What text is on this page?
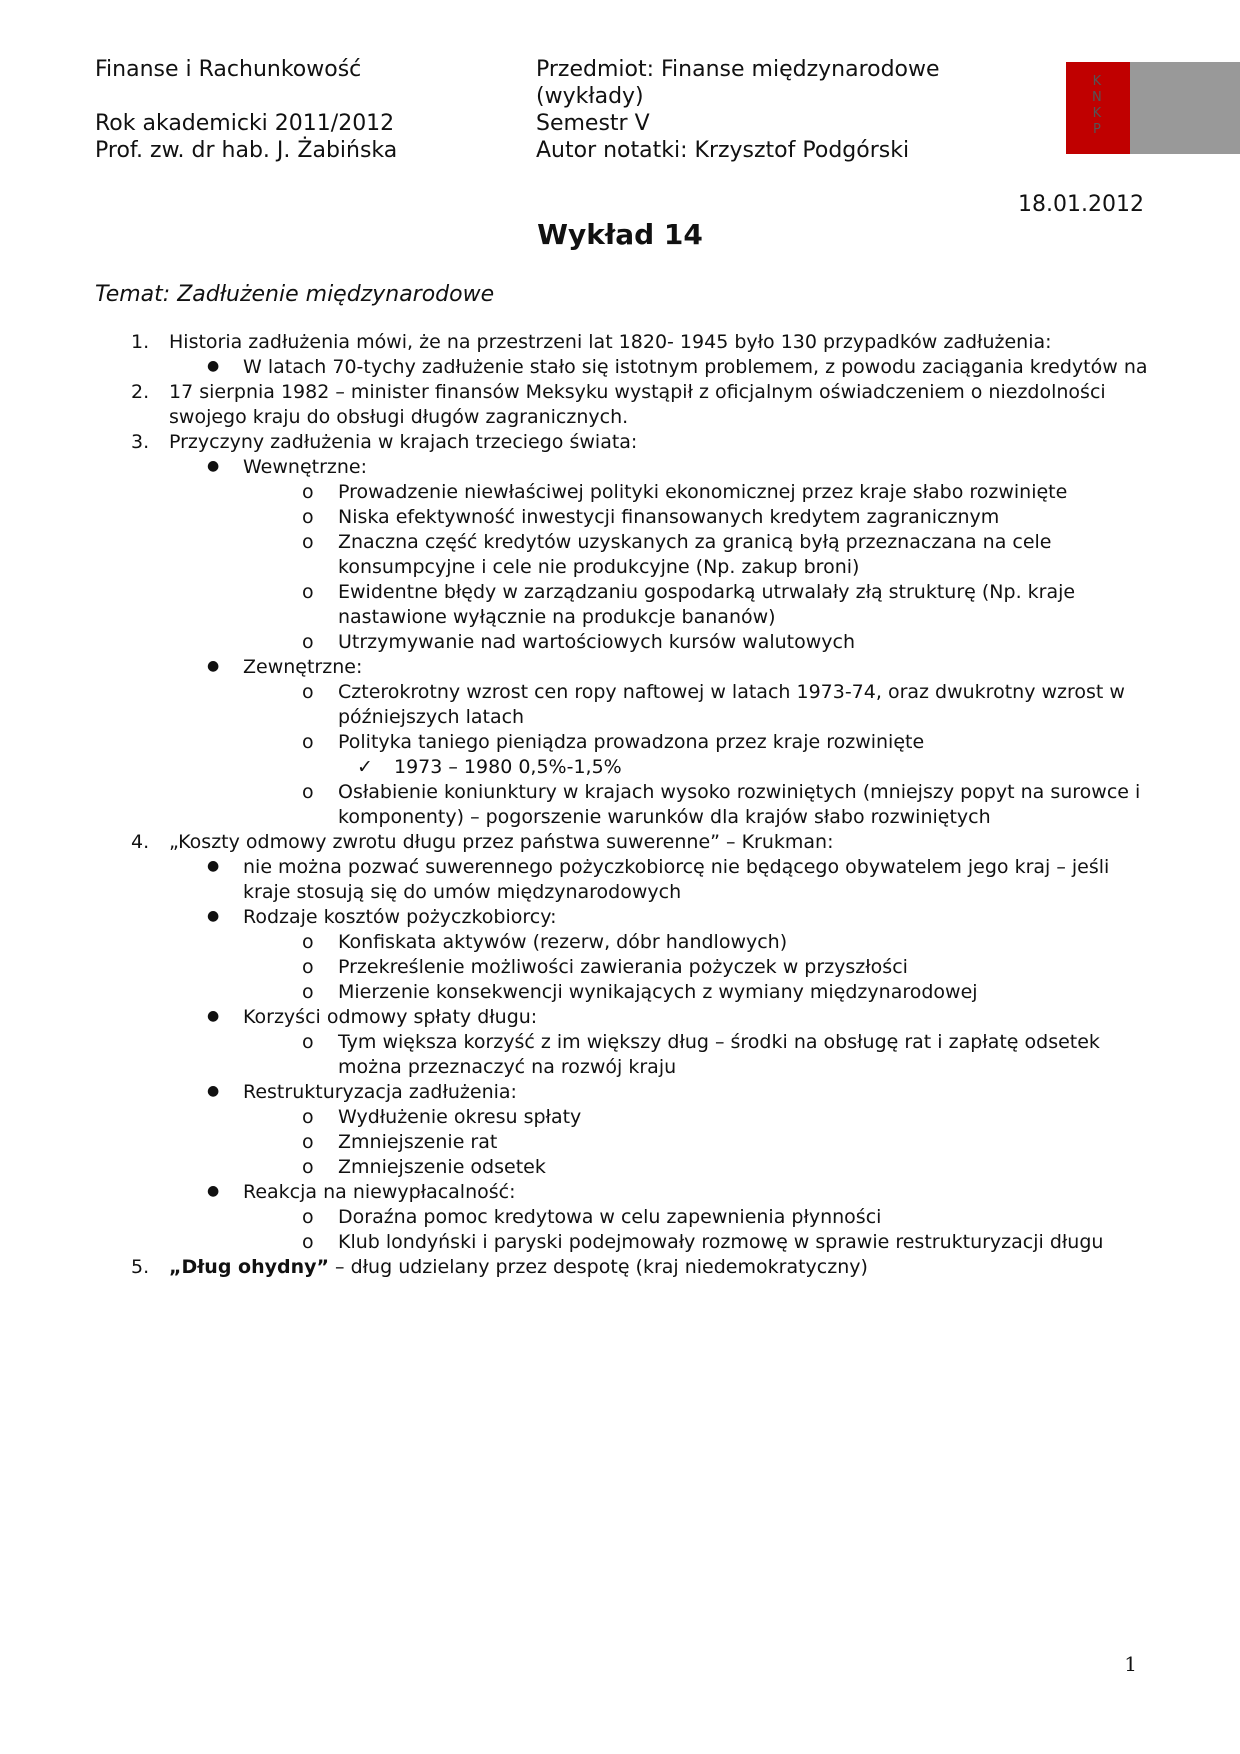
Finanse i Rachunkowość
Rok akademicki 2011/2012
Prof. zw. dr hab. J. Żabińska
Przedmiot: Finanse międzynarodowe
(wykłady)
Semestr V
Autor notatki: Krzysztof Podgórski
K
N
K
P
18.01.2012
Wykład 14
Temat: Zadłużenie międzynarodowe
1. Historia zadłużenia mówi, że na przestrzeni lat 1820- 1945 było 130 przypadków zadłużenia:
● W latach 70-tychy zadłużenie stało się istotnym problemem, z powodu zaciągania kredytów na
2. 17 sierpnia 1982 – minister finansów Meksyku wystąpił z oficjalnym oświadczeniem o niezdolności swojego kraju do obsługi długów zagranicznych.
3. Przyczyny zadłużenia w krajach trzeciego świata:
● Wewnętrzne:
o Prowadzenie niewłaściwej polityki ekonomicznej przez kraje słabo rozwinięte
o Niska efektywność inwestycji finansowanych kredytem zagranicznym
o Znaczna część kredytów uzyskanych za granicą byłą przeznaczana na cele konsumpcyjne i cele nie produkcyjne (Np. zakup broni)
o Ewidentne błędy w zarządzaniu gospodarką utrwalały złą strukturę (Np. kraje nastawione wyłącznie na produkcje bananów)
o Utrzymywanie nad wartościowych kursów walutowych
● Zewnętrzne:
o Czterokrotny wzrost cen ropy naftowej w latach 1973-74, oraz dwukrotny wzrost w późniejszych latach
o Polityka taniego pieniądza prowadzona przez kraje rozwinięte
✓ 1973 – 1980 0,5%-1,5%
o Osłabienie koniunktury w krajach wysoko rozwiniętych (mniejszy popyt na surowce i komponenty) – pogorszenie warunków dla krajów słabo rozwiniętych
4. „Koszty odmowy zwrotu długu przez państwa suwerenne” – Krukman:
● nie można pozwać suwerennego pożyczkobiorcę nie będącego obywatelem jego kraj – jeśli kraje stosują się do umów międzynarodowych
● Rodzaje kosztów pożyczkobiorcy:
o Konfiskata aktywów (rezerw, dóbr handlowych)
o Przekreślenie możliwości zawierania pożyczek w przyszłości
o Mierzenie konsekwencji wynikających z wymiany międzynarodowej
● Korzyści odmowy spłaty długu:
o Tym większa korzyść z im większy dług – środki na obsługę rat i zapłatę odsetek można przeznaczyć na rozwój kraju
● Restrukturyzacja zadłużenia:
o Wydłużenie okresu spłaty
o Zmniejszenie rat
o Zmniejszenie odsetek
● Reakcja na niewypłacalność:
o Doraźna pomoc kredytowa w celu zapewnienia płynności
o Klub londyński i paryski podejmowały rozmowę w sprawie restrukturyzacji długu
5. „Dług ohydny” – dług udzielany przez despotę (kraj niedemokratyczny)
1
